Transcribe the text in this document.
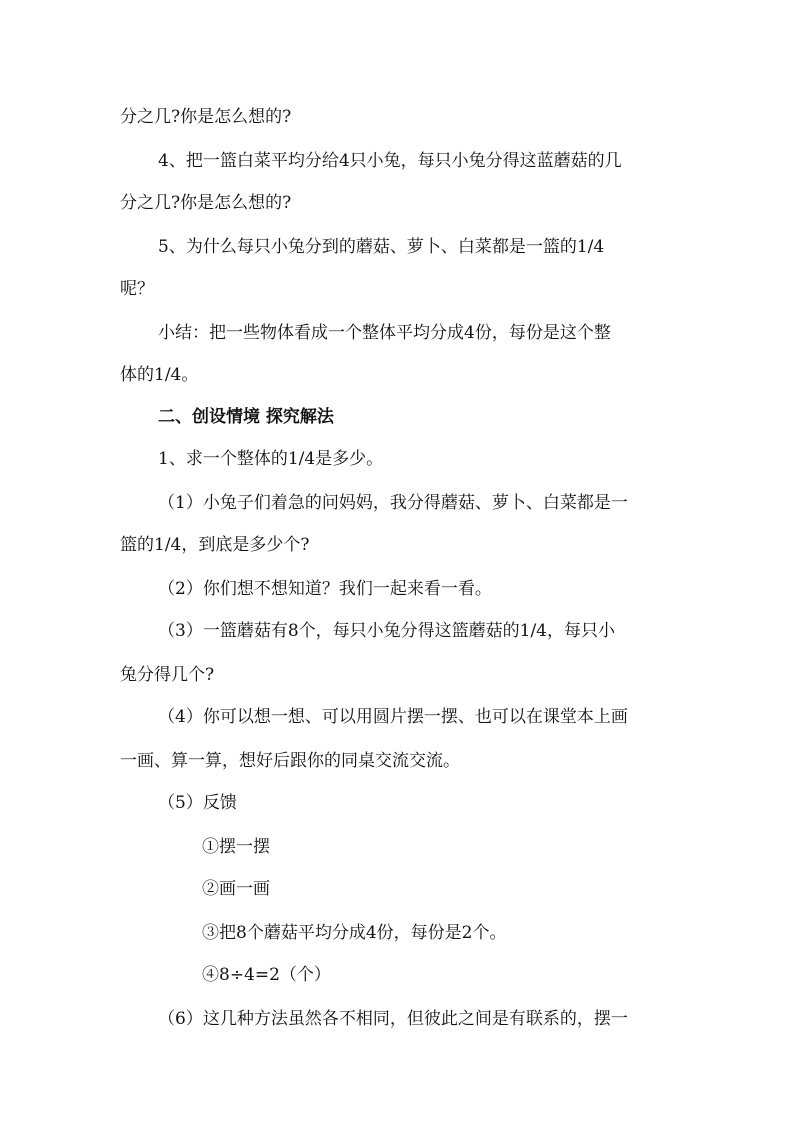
分之几?你是怎么想的?
4、把一篮白菜平均分给4只小兔，每只小兔分得这蓝蘑菇的几
分之几?你是怎么想的?
5、为什么每只小兔分到的蘑菇、萝卜、白菜都是一篮的1/4
呢？
小结：把一些物体看成一个整体平均分成4份，每份是这个整
体的1/4。
二、创设情境 探究解法
1、求一个整体的1/4是多少。
（1）小兔子们着急的问妈妈，我分得蘑菇、萝卜、白菜都是一
篮的1/4，到底是多少个?
（2）你们想不想知道？我们一起来看一看。
（3）一篮蘑菇有8个，每只小兔分得这篮蘑菇的1/4，每只小
兔分得几个?
（4）你可以想一想、可以用圆片摆一摆、也可以在课堂本上画
一画、算一算，想好后跟你的同桌交流交流。
（5）反馈
①摆一摆
②画一画
③把8个蘑菇平均分成4份，每份是2个。
④8÷4=2（个）
（6）这几种方法虽然各不相同，但彼此之间是有联系的，摆一
